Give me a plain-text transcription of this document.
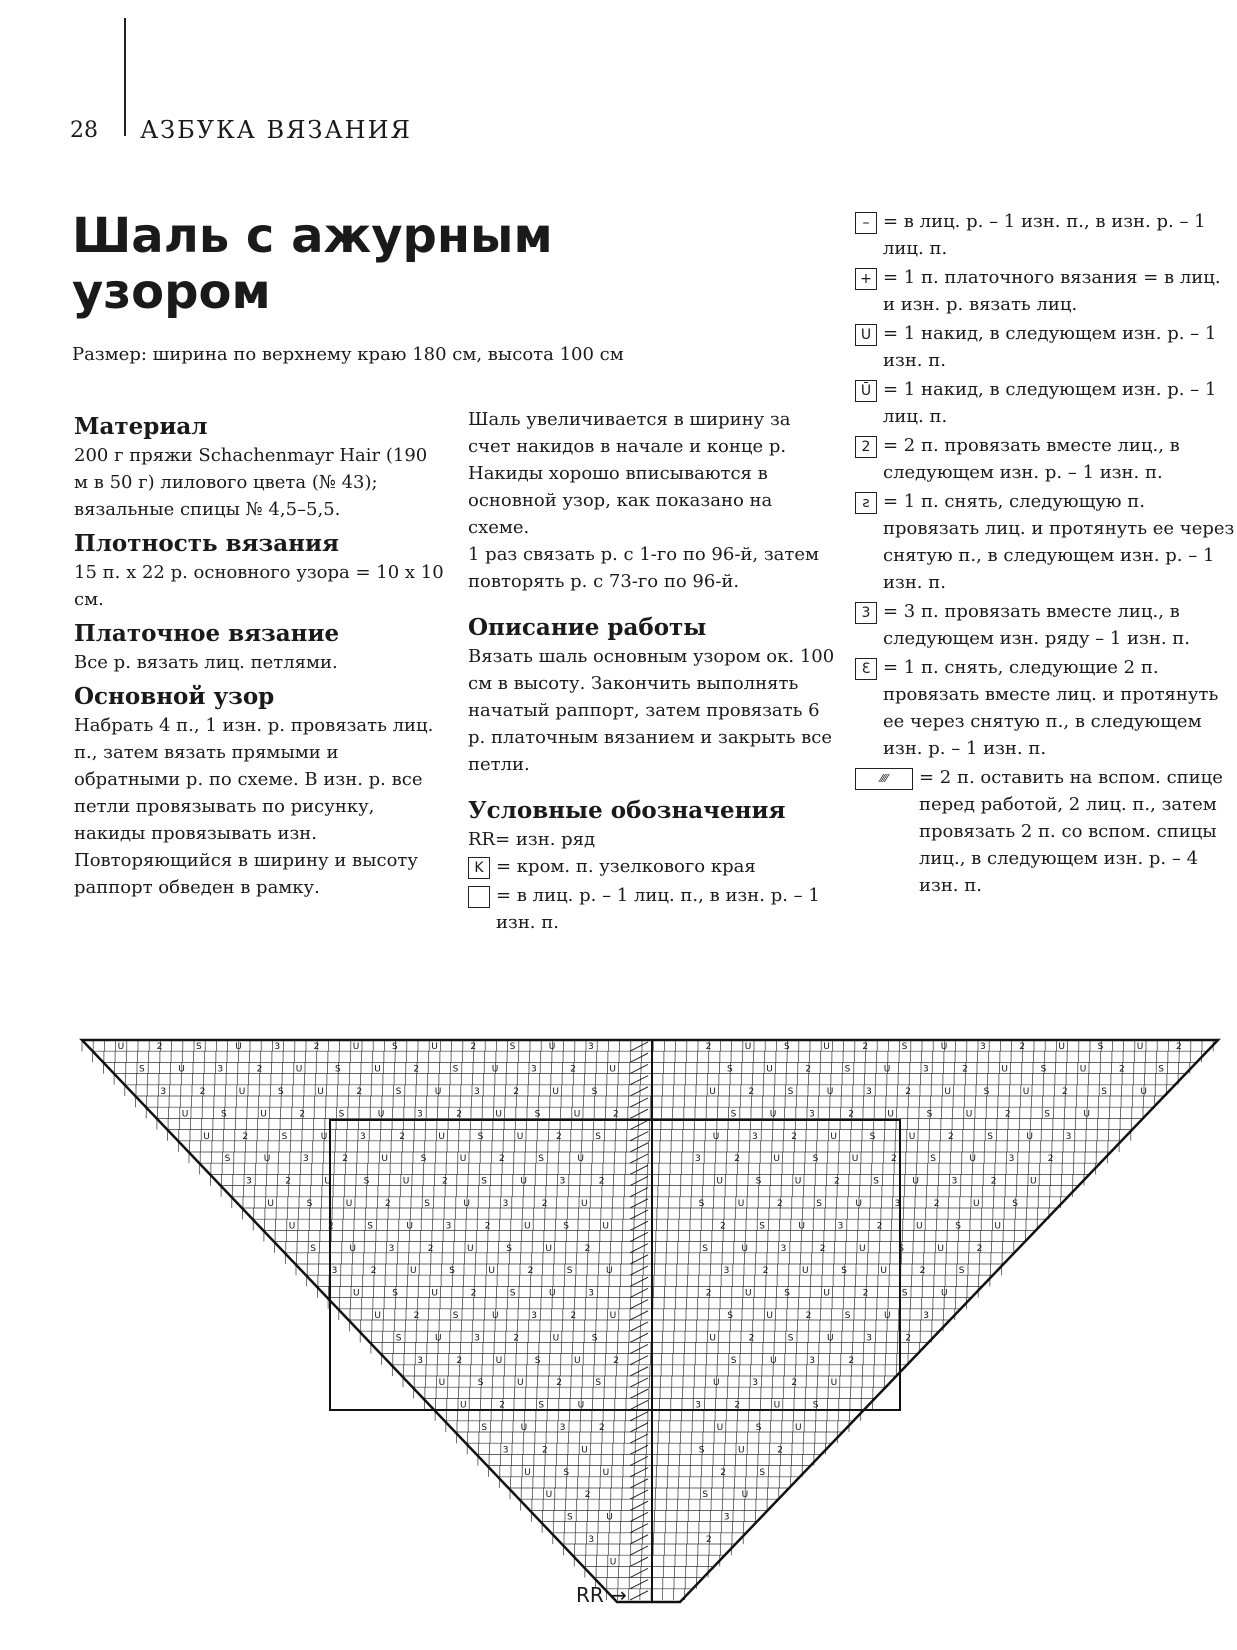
28 АЗБУКА ВЯЗАНИЯ
Шаль с ажурным узором
Размер: ширина по верхнему краю 180 см, высота 100 см
Материал

200 г пряжи Schachenmayr Hair (190 м в 50 г) лилового цвета (№ 43); вязальные спицы № 4,5–5,5.

Плотность вязания

15 п. х 22 р. основного узора = 10 х 10 см.

Платочное вязание

Все р. вязать лиц. петлями.

Основной узор

Набрать 4 п., 1 изн. р. провязать лиц. п., затем вязать прямыми и обратными р. по схеме. В изн. р. все петли провязывать по рисунку, накиды провязывать изн. Повторяющийся в ширину и высоту раппорт обведен в рамку.

Шаль увеличивается в ширину за счет накидов в начале и конце р. Накиды хорошо вписываются в основной узор, как показано на схеме.

1 раз связать р. с 1-го по 96-й, затем повторять р. с 73-го по 96-й.

Описание работы

Вязать шаль основным узором ок. 100 см в высоту. Закончить выполнять начатый раппорт, затем провязать 6 р. платочным вязанием и закрыть все петли.

Условные обозначения

RR= изн. ряд

K = кром. п. узелкового края
= в лиц. р. – 1 лиц. п., в изн. р. – 1 изн. п.
– = в лиц. р. – 1 изн. п., в изн. р. – 1 лиц. п.
+ = 1 п. платочного вязания = в лиц. и изн. р. вязать лиц.
U = 1 накид, в следующем изн. р. – 1 изн. п.
Ū = 1 накид, в следующем изн. р. – 1 лиц. п.
2 = 2 п. провязать вместе лиц., в следующем изн. р. – 1 изн. п.
ꙅ = 1 п. снять, следующую п. провязать лиц. и протянуть ее через снятую п., в следующем изн. р. – 1 изн. п.
3 = 3 п. провязать вместе лиц., в следующем изн. ряду – 1 изн. п.
Ɛ = 1 п. снять, следующие 2 п. провязать вместе лиц. и протянуть ее через снятую п., в следующем изн. р. – 1 изн. п.
⁄⁄⁄⁄	= 2 п. оставить на вспом. спице перед работой, 2 лиц. п., затем провязать 2 п. со вспом. спицы лиц., в следующем изн. р. – 4 изн. п.
U	2	S	U	3	2	U	S	U	2	S	U	3	2	U	S	U	2	S	U	3	2	U	S	U	2
S	U	3	2	U	S	U	2	S	U	3	2	U	S	U	2	S	U	3	2	U	S	U	2	S
3	2	U	S	U	2	S	U	3	2	U	S	U	2	S	U	3	2	U	S	U	2	S	U
U	S	U	2	S	U	3	2	U	S	U	2	S	U	3	2	U	S	U	2	S	U
U	2	S	U	3	2	U	S	U	2	S	U	3	2	U	S	U	2	S	U	3
S	U	3	2	U	S	U	2	S	U	3	2	U	S	U	2	S	U	3	2
3	2	U	S	U	2	S	U	3	2	U	S	U	2	S	U	3	2	U
U	S	U	2	S	U	3	2	U	S	U	2	S	U	3	2	U	S
U	2	S	U	3	2	U	S	U	2	S	U	3	2	U	S	U
S	U	3	2	U	S	U	2	S	U	3	2	U	S	U	2
3	2	U	S	U	2	S	U	3	2	U	S	U	2	S
U	S	U	2	S	U	3	2	U	S	U	2	S	U
U	2	S	U	3	2	U	S	U	2	S	U	3
S	U	3	2	U	S	U	2	S	U	3	2
3	2	U	S	U	2	S	U	3	2
U	S	U	2	S	U	3	2	U
U	2	S	U	3	2	U	S
S	U	3	2	U	S	U
3	2	U	S	U	2
U	S	U	2	S
U	2	S	U
S	U	3
3	2
U
RR →
